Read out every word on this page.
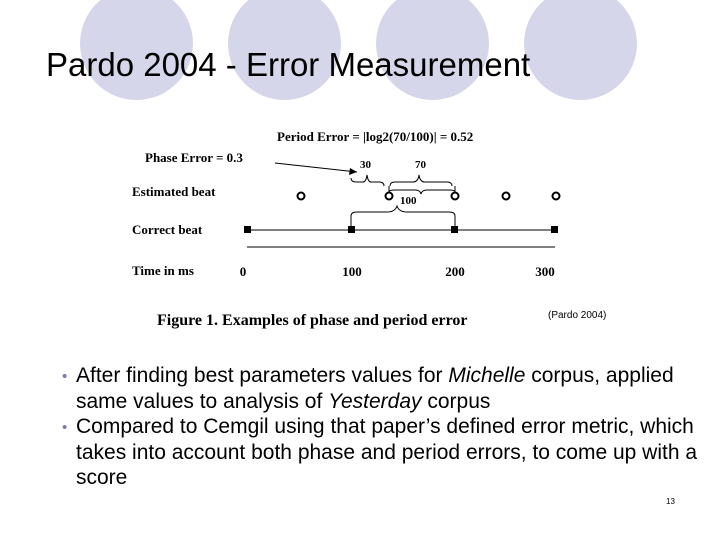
Pardo 2004 - Error Measurement
Period Error = |log2(70/100)| = 0.52
Phase Error = 0.3	30	70
100
Estimated beat
Correct beat
Time in ms	0	100	200	300
Figure 1. Examples of phase and period error	(Pardo 2004)
• After finding best parameters values for Michelle corpus, applied same values to analysis of Yesterday corpus
• Compared to Cemgil using that paper’s defined error metric, which takes into account both phase and period errors, to come up with a score
13
